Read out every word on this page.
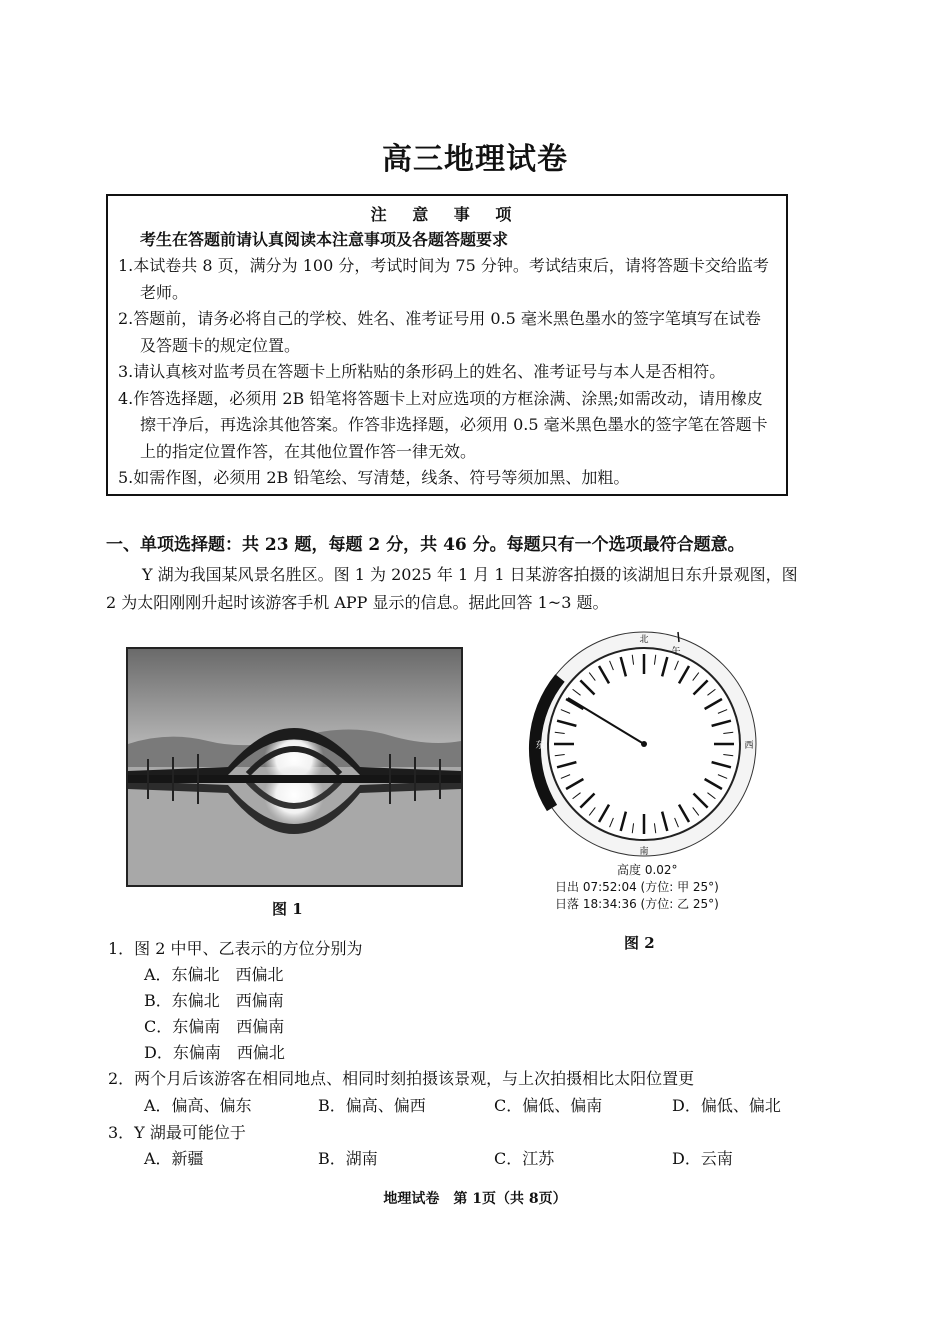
高三地理试卷
注 意 事 项
考生在答题前请认真阅读本注意事项及各题答题要求
1.本试卷共 8 页，满分为 100 分，考试时间为 75 分钟。考试结束后，请将答题卡交给监考老师。
2.答题前，请务必将自己的学校、姓名、准考证号用 0.5 毫米黑色墨水的签字笔填写在试卷及答题卡的规定位置。
3.请认真核对监考员在答题卡上所粘贴的条形码上的姓名、准考证号与本人是否相符。
4.作答选择题，必须用 2B 铅笔将答题卡上对应选项的方框涂满、涂黑;如需改动，请用橡皮擦干净后，再选涂其他答案。作答非选择题，必须用 0.5 毫米黑色墨水的签字笔在答题卡上的指定位置作答，在其他位置作答一律无效。
5.如需作图，必须用 2B 铅笔绘、写清楚，线条、符号等须加黑、加粗。
一、单项选择题：共 23 题，每题 2 分，共 46 分。每题只有一个选项最符合题意。
Y 湖为我国某风景名胜区。图 1 为 2025 年 1 月 1 日某游客拍摄的该湖旭日东升景观图，图 2 为太阳刚刚升起时该游客手机 APP 显示的信息。据此回答 1~3 题。
图 1
北
午
南
东	西
高度 0.02°
日出 07:52:04 (方位: 甲 25°)
日落 18:34:36 (方位: 乙 25°)
图 2
1．图 2 中甲、乙表示的方位分别为
A．东偏北　西偏北
B．东偏北　西偏南
C．东偏南　西偏南
D．东偏南　西偏北
2．两个月后该游客在相同地点、相同时刻拍摄该景观，与上次拍摄相比太阳位置更
A．偏高、偏东	B．偏高、偏西	C．偏低、偏南	D．偏低、偏北
3．Y 湖最可能位于
A．新疆	B．湖南	C．江苏	D．云南
地理试卷　第 1页（共 8页）
